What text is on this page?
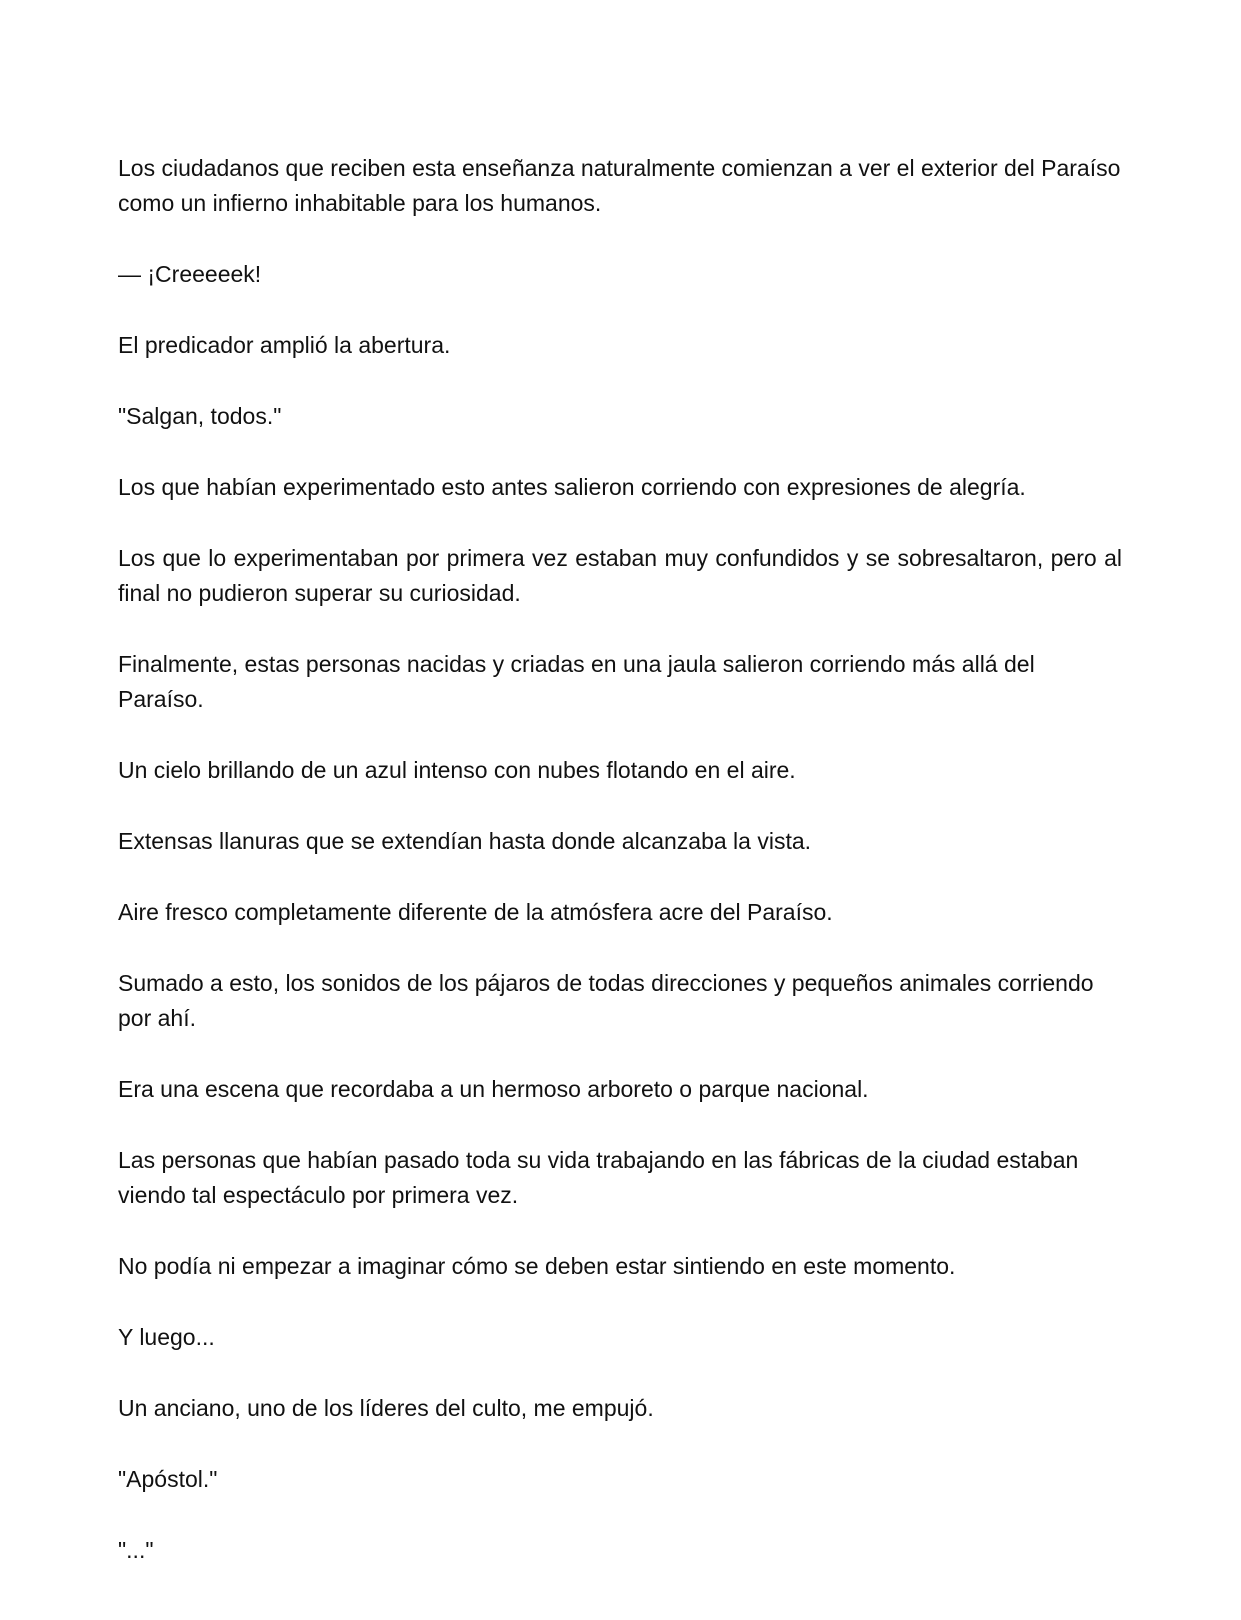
Los ciudadanos que reciben esta enseñanza naturalmente comienzan a ver el exterior del Paraíso como un infierno inhabitable para los humanos.

— ¡Creeeeek!

El predicador amplió la abertura.

"Salgan, todos."

Los que habían experimentado esto antes salieron corriendo con expresiones de alegría.

Los que lo experimentaban por primera vez estaban muy confundidos y se sobresaltaron, pero al final no pudieron superar su curiosidad.

Finalmente, estas personas nacidas y criadas en una jaula salieron corriendo más allá del Paraíso.

Un cielo brillando de un azul intenso con nubes flotando en el aire.

Extensas llanuras que se extendían hasta donde alcanzaba la vista.

Aire fresco completamente diferente de la atmósfera acre del Paraíso.

Sumado a esto, los sonidos de los pájaros de todas direcciones y pequeños animales corriendo por ahí.

Era una escena que recordaba a un hermoso arboreto o parque nacional.

Las personas que habían pasado toda su vida trabajando en las fábricas de la ciudad estaban viendo tal espectáculo por primera vez.

No podía ni empezar a imaginar cómo se deben estar sintiendo en este momento.

Y luego...

Un anciano, uno de los líderes del culto, me empujó.

"Apóstol."

"..."
